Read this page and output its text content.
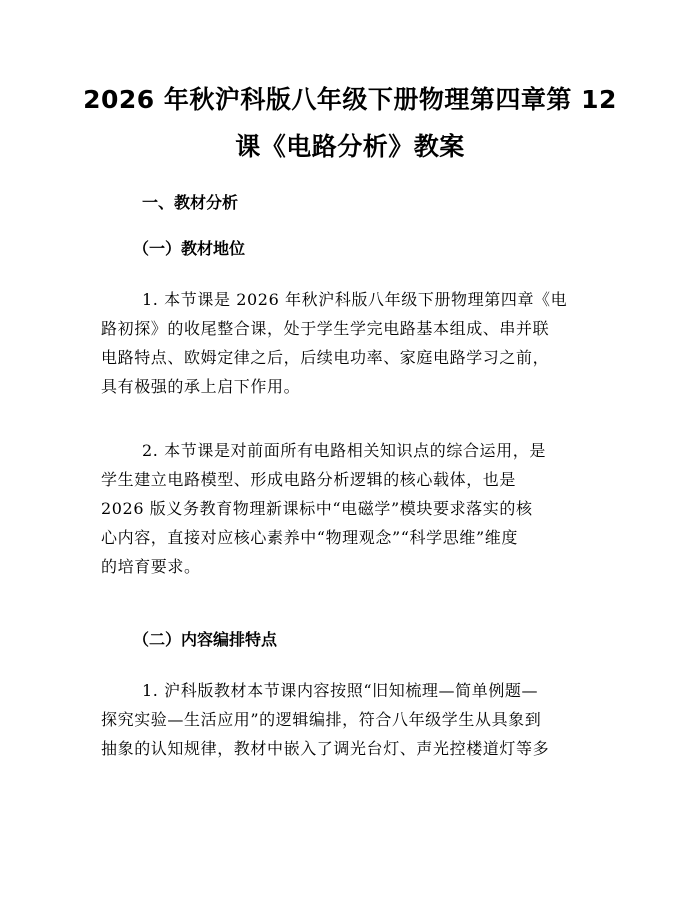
2026 年秋沪科版八年级下册物理第四章第 12
课《电路分析》教案
一、教材分析
（一）教材地位

1. 本节课是 2026 年秋沪科版八年级下册物理第四章《电
路初探》的收尾整合课，处于学生学完电路基本组成、串并联
电路特点、欧姆定律之后，后续电功率、家庭电路学习之前，
具有极强的承上启下作用。

2. 本节课是对前面所有电路相关知识点的综合运用，是
学生建立电路模型、形成电路分析逻辑的核心载体，也是
2026 版义务教育物理新课标中“电磁学”模块要求落实的核
心内容，直接对应核心素养中“物理观念”“科学思维”维度
的培育要求。

（二）内容编排特点

1. 沪科版教材本节课内容按照“旧知梳理—简单例题—
探究实验—生活应用”的逻辑编排，符合八年级学生从具象到
抽象的认知规律，教材中嵌入了调光台灯、声光控楼道灯等多
